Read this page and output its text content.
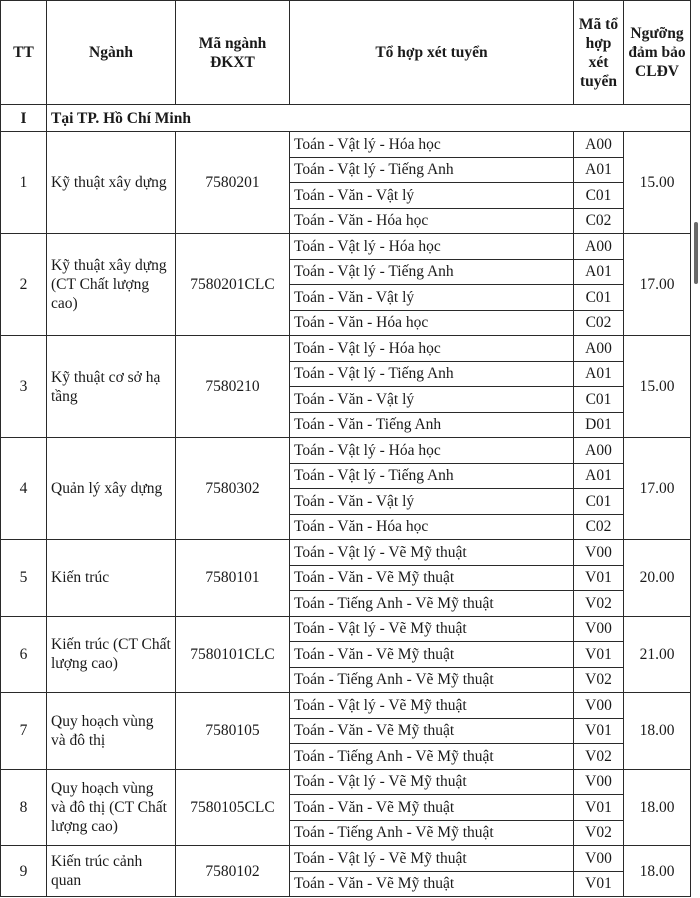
TT	Ngành	Mã ngành ĐKXT	Tổ hợp xét tuyển	Mã tổ hợp xét tuyển	Ngưỡng đảm bảo CLĐV
I	Tại TP. Hồ Chí Minh				
1	Kỹ thuật xây dựng	7580201	Toán - Vật lý - Hóa học	A00	15.00
			Toán - Vật lý - Tiếng Anh	A01	
			Toán - Văn - Vật lý	C01	
			Toán - Văn - Hóa học	C02	
2	Kỹ thuật xây dựng (CT Chất lượng cao)	7580201CLC	Toán - Vật lý - Hóa học	A00	17.00
			Toán - Vật lý - Tiếng Anh	A01	
			Toán - Văn - Vật lý	C01	
			Toán - Văn - Hóa học	C02	
3	Kỹ thuật cơ sở hạ tầng	7580210	Toán - Vật lý - Hóa học	A00	15.00
			Toán - Vật lý - Tiếng Anh	A01	
			Toán - Văn - Vật lý	C01	
			Toán - Văn - Tiếng Anh	D01	
4	Quản lý xây dựng	7580302	Toán - Vật lý - Hóa học	A00	17.00
			Toán - Vật lý - Tiếng Anh	A01	
			Toán - Văn - Vật lý	C01	
			Toán - Văn - Hóa học	C02	
5	Kiến trúc	7580101	Toán - Vật lý - Vẽ Mỹ thuật	V00	20.00
			Toán - Văn - Vẽ Mỹ thuật	V01	
			Toán - Tiếng Anh - Vẽ Mỹ thuật	V02	
6	Kiến trúc (CT Chất lượng cao)	7580101CLC	Toán - Vật lý - Vẽ Mỹ thuật	V00	21.00
			Toán - Văn - Vẽ Mỹ thuật	V01	
			Toán - Tiếng Anh - Vẽ Mỹ thuật	V02	
7	Quy hoạch vùng và đô thị	7580105	Toán - Vật lý - Vẽ Mỹ thuật	V00	18.00
			Toán - Văn - Vẽ Mỹ thuật	V01	
			Toán - Tiếng Anh - Vẽ Mỹ thuật	V02	
8	Quy hoạch vùng và đô thị (CT Chất lượng cao)	7580105CLC	Toán - Vật lý - Vẽ Mỹ thuật	V00	18.00
			Toán - Văn - Vẽ Mỹ thuật	V01	
			Toán - Tiếng Anh - Vẽ Mỹ thuật	V02	
9	Kiến trúc cảnh quan	7580102	Toán - Vật lý - Vẽ Mỹ thuật	V00	18.00
			Toán - Văn - Vẽ Mỹ thuật	V01	
